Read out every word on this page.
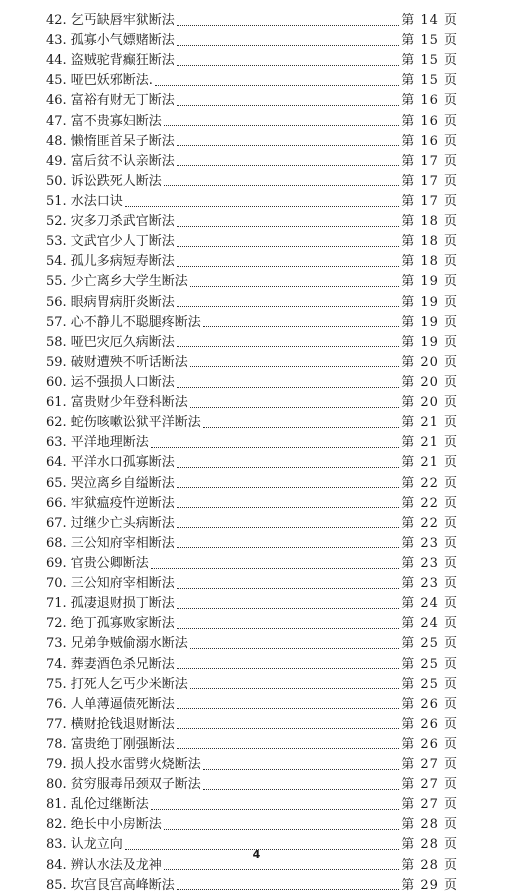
42. 乞丐缺唇牢狱断法	第 14 页
43. 孤寡小气嫖赌断法	第 15 页
44. 盗贼驼背癫狂断法	第 15 页
45. 哑巴妖邪断法.	第 15 页
46. 富裕有财无丁断法	第 16 页
47. 富不贵寡妇断法	第 16 页
48. 懒惰匪首呆子断法	第 16 页
49. 富后贫不认亲断法	第 17 页
50. 诉讼跌死人断法	第 17 页
51. 水法口诀	第 17 页
52. 灾多刀杀武官断法	第 18 页
53. 文武官少人丁断法	第 18 页
54. 孤儿多病短寿断法	第 18 页
55. 少亡离乡大学生断法	第 19 页
56. 眼病胃病肝炎断法	第 19 页
57. 心不静儿不聪腿疼断法	第 19 页
58. 哑巴灾厄久病断法	第 19 页
59. 破财遭殃不听话断法	第 20 页
60. 运不强损人口断法	第 20 页
61. 富贵财少年登科断法	第 20 页
62. 蛇伤咳嗽讼狱平洋断法	第 21 页
63. 平洋地理断法	第 21 页
64. 平洋水口孤寡断法	第 21 页
65. 哭泣离乡自缢断法	第 22 页
66. 牢狱瘟疫忤逆断法	第 22 页
67. 过继少亡头病断法	第 22 页
68. 三公知府宰相断法	第 23 页
69. 官贵公卿断法	第 23 页
70. 三公知府宰相断法	第 23 页
71. 孤凄退财损丁断法	第 24 页
72. 绝丁孤寡败家断法	第 24 页
73. 兄弟争贼偷溺水断法	第 25 页
74. 葬妻酒色杀兄断法	第 25 页
75. 打死人乞丐少米断法	第 25 页
76. 人单薄逼债死断法	第 26 页
77. 横财抢钱退财断法	第 26 页
78. 富贵绝丁刚强断法	第 26 页
79. 损人投水雷劈火烧断法	第 27 页
80. 贫穷服毒吊颈双子断法	第 27 页
81. 乱伦过继断法	第 27 页
82. 绝长中小房断法	第 28 页
83. 认龙立向	第 28 页
84. 辨认水法及龙神	第 28 页
85. 坎宫艮宫高峰断法	第 29 页
4
